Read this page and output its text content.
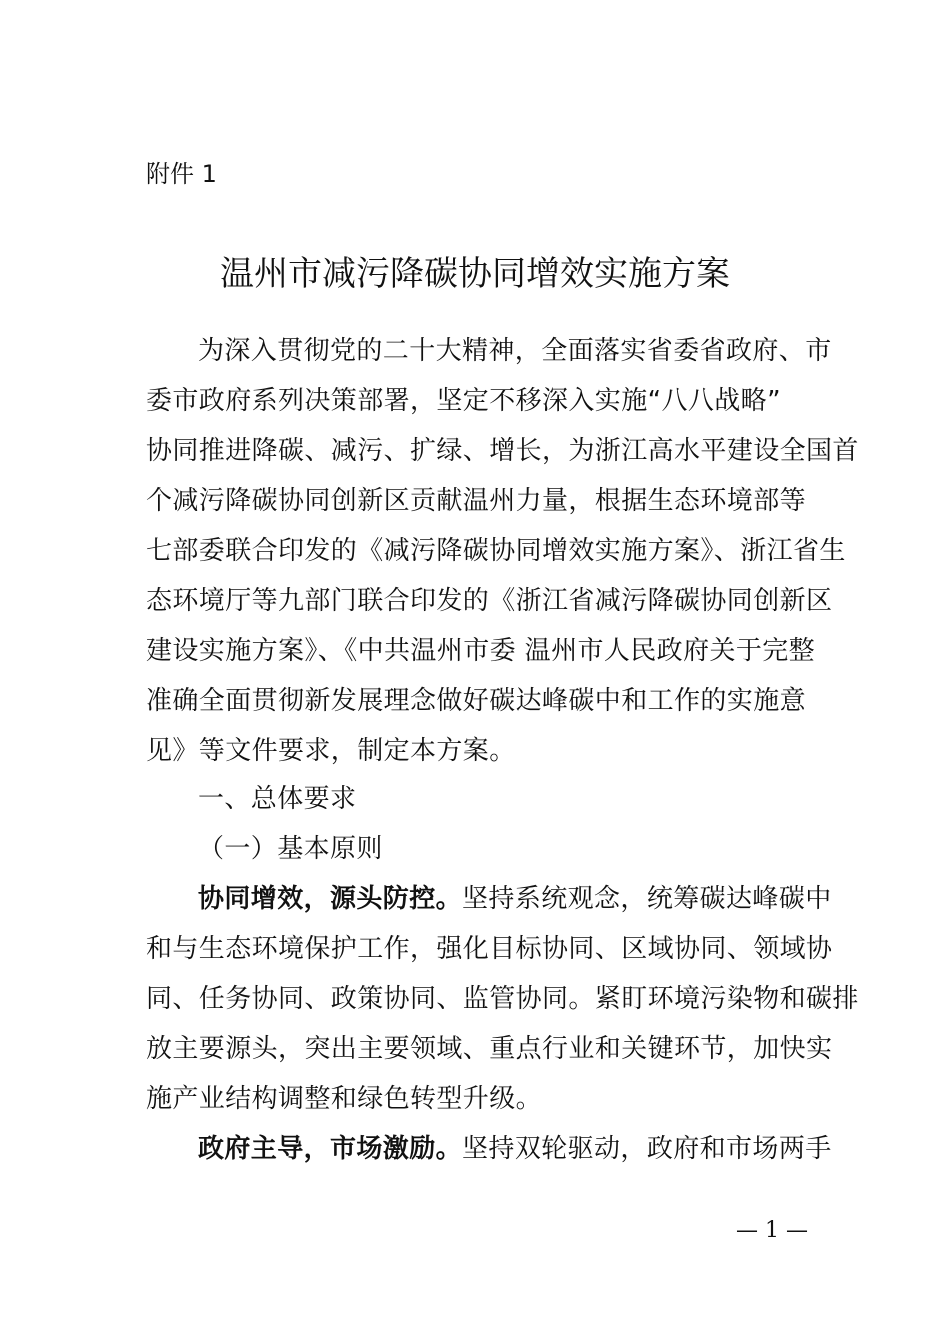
附件 1
温州市减污降碳协同增效实施方案
为深入贯彻党的二十大精神，全面落实省委省政府、市
委市政府系列决策部署，坚定不移深入实施“八八战略”
协同推进降碳、减污、扩绿、增长，为浙江高水平建设全国首
个减污降碳协同创新区贡献温州力量，根据生态环境部等
七部委联合印发的《减污降碳协同增效实施方案》、浙江省生
态环境厅等九部门联合印发的《浙江省减污降碳协同创新区
建设实施方案》、《中共温州市委 温州市人民政府关于完整
准确全面贯彻新发展理念做好碳达峰碳中和工作的实施意
见》等文件要求，制定本方案。
一、总体要求
（一）基本原则
协同增效，源头防控。坚持系统观念，统筹碳达峰碳中
和与生态环境保护工作，强化目标协同、区域协同、领域协
同、任务协同、政策协同、监管协同。紧盯环境污染物和碳排
放主要源头，突出主要领域、重点行业和关键环节，加快实
施产业结构调整和绿色转型升级。
政府主导，市场激励。坚持双轮驱动，政府和市场两手
— 1 —
